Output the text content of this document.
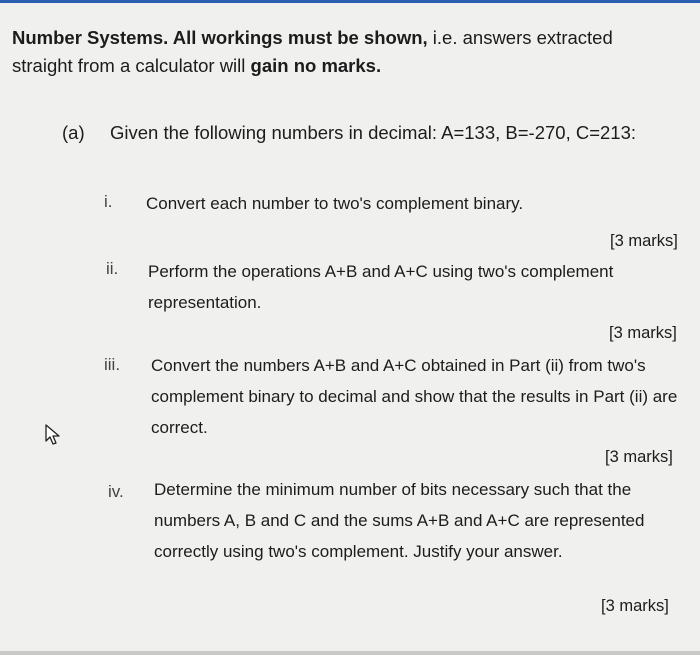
Number Systems. All workings must be shown, i.e. answers extracted straight from a calculator will gain no marks.
(a) Given the following numbers in decimal: A=133, B=-270, C=213:
i. Convert each number to two's complement binary.
[3 marks]
ii. Perform the operations A+B and A+C using two's complement representation.
[3 marks]
iii. Convert the numbers A+B and A+C obtained in Part (ii) from two's complement binary to decimal and show that the results in Part (ii) are correct.
[3 marks]
iv. Determine the minimum number of bits necessary such that the numbers A, B and C and the sums A+B and A+C are represented correctly using two's complement. Justify your answer.
[3 marks]
